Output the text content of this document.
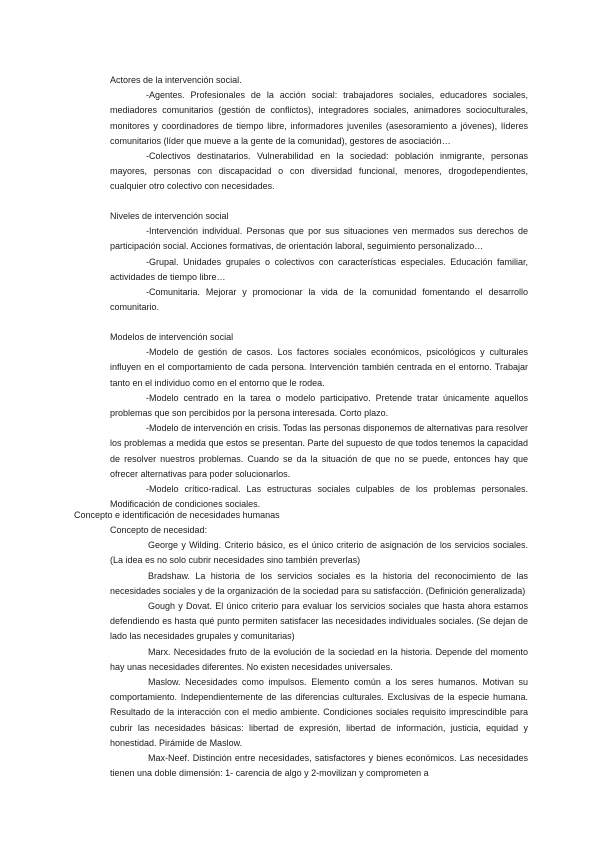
Actores de la intervención social.

-Agentes. Profesionales de la acción social: trabajadores sociales, educadores sociales, mediadores comunitarios (gestión de conflictos), integradores sociales, animadores socioculturales, monitores y coordinadores de tiempo libre, informadores juveniles (asesoramiento a jóvenes), líderes comunitarios (líder que mueve a la gente de la comunidad), gestores de asociación…

-Colectivos destinatarios. Vulnerabilidad en la sociedad: población inmigrante, personas mayores, personas con discapacidad o con diversidad funcional, menores, drogodependientes, cualquier otro colectivo con necesidades.

Niveles de intervención social

-Intervención individual. Personas que por sus situaciones ven mermados sus derechos de participación social. Acciones formativas, de orientación laboral, seguimiento personalizado…

-Grupal. Unidades grupales o colectivos con características especiales. Educación familiar, actividades de tiempo libre…

-Comunitaria. Mejorar y promocionar la vida de la comunidad fomentando el desarrollo comunitario.

Modelos de intervención social

-Modelo de gestión de casos. Los factores sociales económicos, psicológicos y culturales influyen en el comportamiento de cada persona. Intervención también centrada en el entorno. Trabajar tanto en el individuo como en el entorno que le rodea.

-Modelo centrado en la tarea o modelo participativo. Pretende tratar únicamente aquellos problemas que son percibidos por la persona interesada. Corto plazo.

-Modelo de intervención en crisis. Todas las personas disponemos de alternativas para resolver los problemas a medida que estos se presentan. Parte del supuesto de que todos tenemos la capacidad de resolver nuestros problemas. Cuando se da la situación de que no se puede, entonces hay que ofrecer alternativas para poder solucionarlos.

-Modelo crítico-radical. Las estructuras sociales culpables de los problemas personales. Modificación de condiciones sociales.

Concepto e identificación de necesidades humanas

Concepto de necesidad:

George y Wilding. Criterio básico, es el único criterio de asignación de los servicios sociales. (La idea es no solo cubrir necesidades sino también preverlas)

Bradshaw. La historia de los servicios sociales es la historia del reconocimiento de las necesidades sociales y de la organización de la sociedad para su satisfacción. (Definición generalizada)

Gough y Dovat. El único criterio para evaluar los servicios sociales que hasta ahora estamos defendiendo es hasta qué punto permiten satisfacer las necesidades individuales sociales. (Se dejan de lado las necesidades grupales y comunitarias)

Marx. Necesidades fruto de la evolución de la sociedad en la historia. Depende del momento hay unas necesidades diferentes. No existen necesidades universales.

Maslow. Necesidades como impulsos. Elemento común a los seres humanos. Motivan su comportamiento. Independientemente de las diferencias culturales. Exclusivas de la especie humana. Resultado de la interacción con el medio ambiente. Condiciones sociales requisito imprescindible para cubrir las necesidades básicas: libertad de expresión, libertad de información, justicia, equidad y honestidad. Pirámide de Maslow.

Max-Neef. Distinción entre necesidades, satisfactores y bienes económicos. Las necesidades tienen una doble dimensión: 1- carencia de algo y 2-movilizan y comprometen a
